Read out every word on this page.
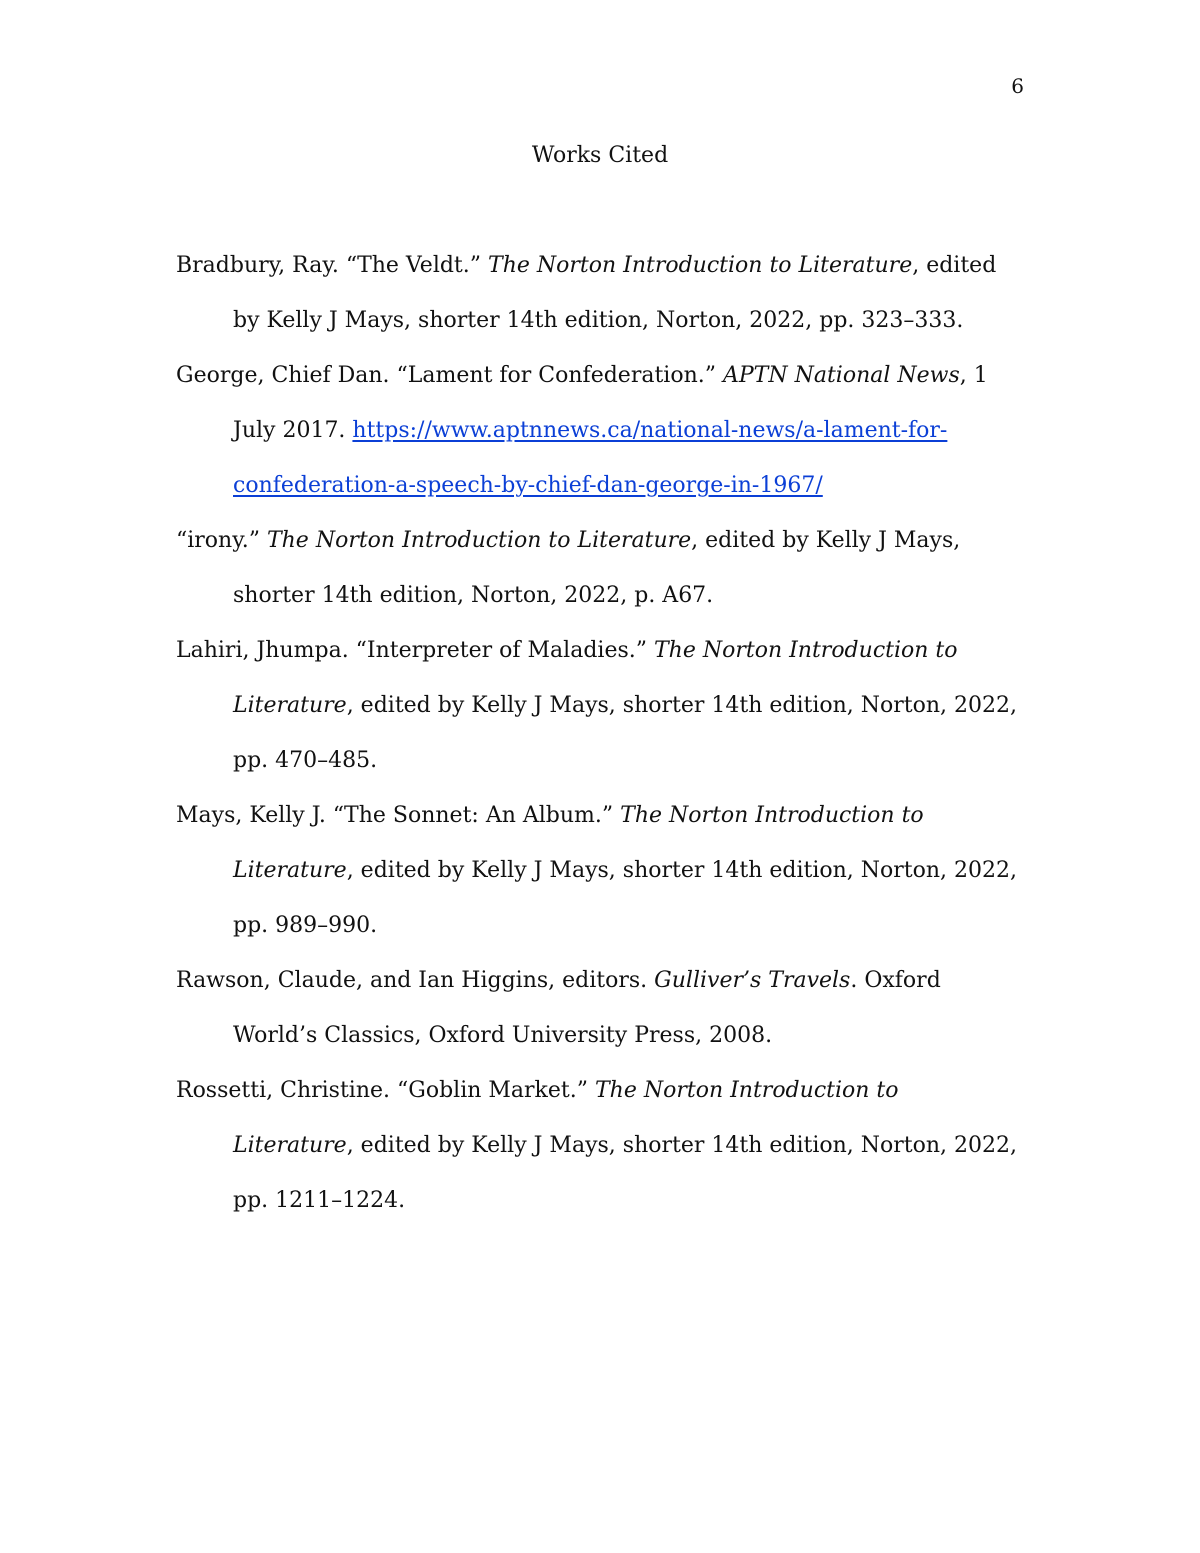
6
Works Cited

Bradbury, Ray. “The Veldt.” The Norton Introduction to Literature, edited by Kelly J Mays, shorter 14th edition, Norton, 2022, pp. 323–333.

George, Chief Dan. “Lament for Confederation.” APTN National News, 1 July 2017. https://www.aptnnews.ca/national-news/a-lament-for-confederation-a-speech-by-chief-dan-george-in-1967/

“irony.” The Norton Introduction to Literature, edited by Kelly J Mays, shorter 14th edition, Norton, 2022, p. A67.

Lahiri, Jhumpa. “Interpreter of Maladies.” The Norton Introduction to Literature, edited by Kelly J Mays, shorter 14th edition, Norton, 2022, pp. 470–485.

Mays, Kelly J. “The Sonnet: An Album.” The Norton Introduction to Literature, edited by Kelly J Mays, shorter 14th edition, Norton, 2022, pp. 989–990.

Rawson, Claude, and Ian Higgins, editors. Gulliver’s Travels. Oxford World’s Classics, Oxford University Press, 2008.

Rossetti, Christine. “Goblin Market.” The Norton Introduction to Literature, edited by Kelly J Mays, shorter 14th edition, Norton, 2022, pp. 1211–1224.
